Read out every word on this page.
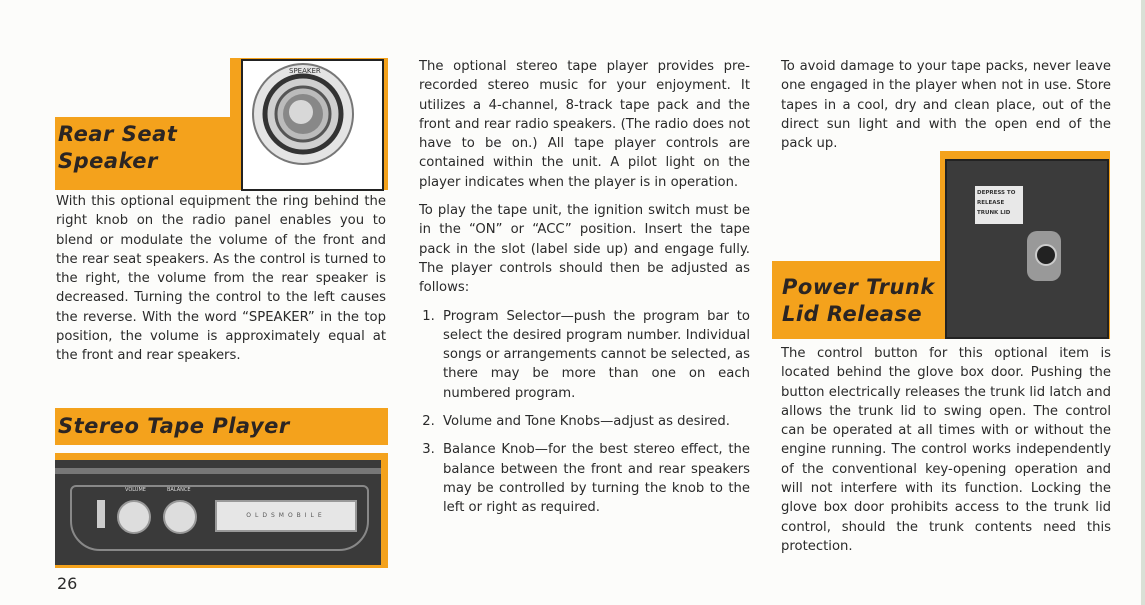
Rear Seat
Speaker
SPEAKER

With this optional equipment the ring behind the right knob on the radio panel enables you to blend or modulate the volume of the front and the rear seat speakers. As the control is turned to the right, the volume from the rear speaker is decreased. Turning the control to the left causes the reverse. With the word “SPEAKER” in the top position, the volume is approximately equal at the front and rear speakers.

Stereo Tape Player
VOLUME	BALANCE
OLDSMOBILE
26

The optional stereo tape player provides pre-recorded stereo music for your enjoyment. It utilizes a 4-channel, 8-track tape pack and the front and rear radio speakers. (The radio does not have to be on.) All tape player controls are contained within the unit. A pilot light on the player indicates when the player is in operation.

To play the tape unit, the ignition switch must be in the “ON” or “ACC” position. Insert the tape pack in the slot (label side up) and engage fully. The player controls should then be adjusted as follows:

1. Program Selector—push the program bar to select the desired program number. Individual songs or arrangements cannot be selected, as there may be more than one on each numbered program.
2. Volume and Tone Knobs—adjust as desired.
3. Balance Knob—for the best stereo effect, the balance between the front and rear speakers may be controlled by turning the knob to the left or right as required.

To avoid damage to your tape packs, never leave one engaged in the player when not in use. Store tapes in a cool, dry and clean place, out of the direct sun light and with the open end of the pack up.

Power Trunk
Lid Release
DEPRESS TO
RELEASE
TRUNK LID

The control button for this optional item is located behind the glove box door. Pushing the button electrically releases the trunk lid latch and allows the trunk lid to swing open. The control can be operated at all times with or without the engine running. The control works independently of the conventional key-opening operation and will not interfere with its function. Locking the glove box door prohibits access to the trunk lid control, should the trunk contents need this protection.
